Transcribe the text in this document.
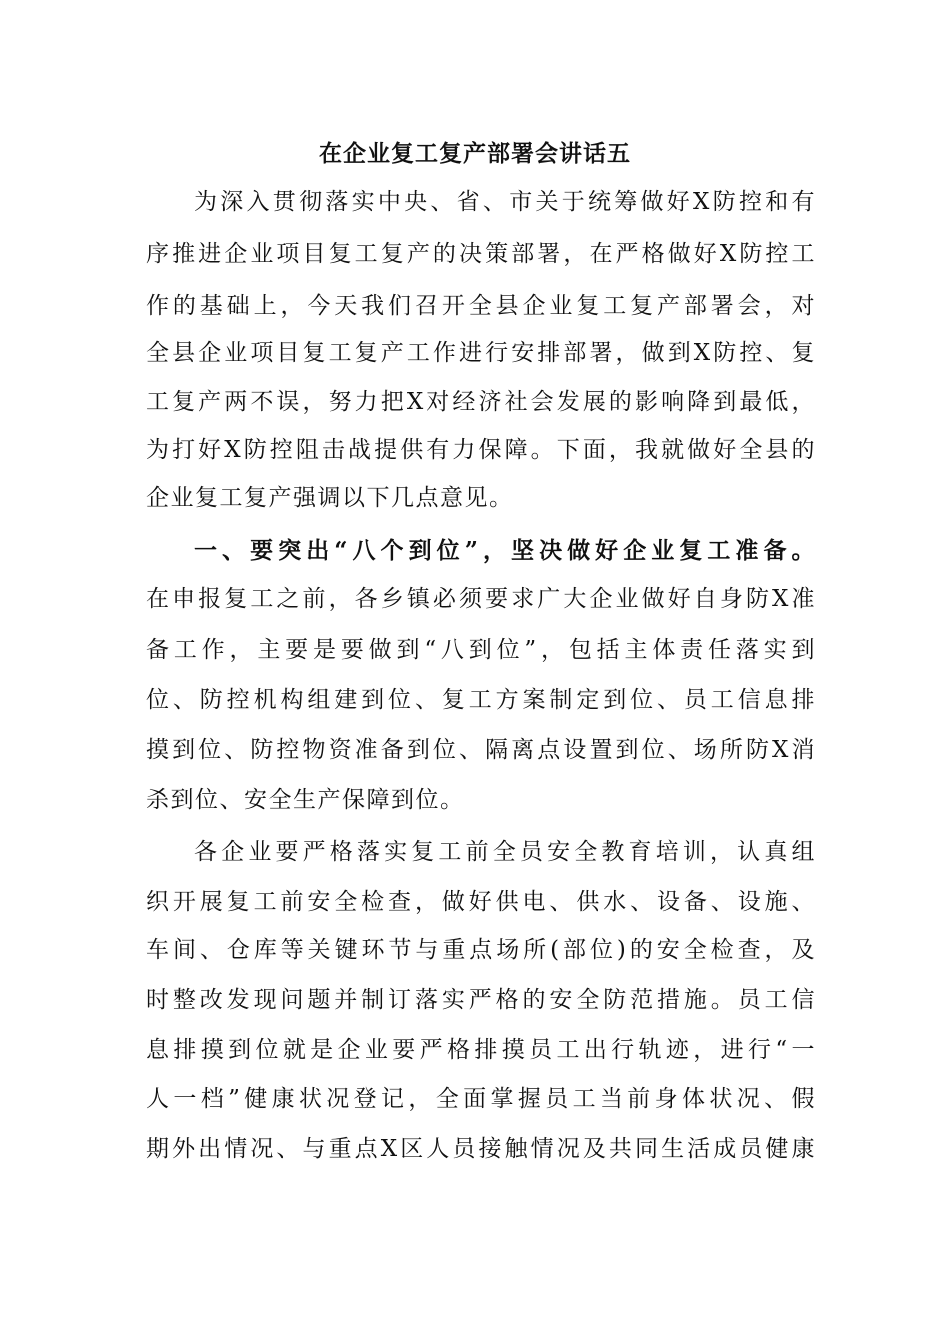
在企业复工复产部署会讲话五
为深入贯彻落实中央、省、市关于统筹做好X防控和有
序推进企业项目复工复产的决策部署，在严格做好X防控工
作的基础上，今天我们召开全县企业复工复产部署会，对
全县企业项目复工复产工作进行安排部署，做到X防控、复
工复产两不误，努力把X对经济社会发展的影响降到最低，
为打好X防控阻击战提供有力保障。下面，我就做好全县的
企业复工复产强调以下几点意见。
一、要突出“八个到位”，坚决做好企业复工准备。
在申报复工之前，各乡镇必须要求广大企业做好自身防X准
备工作，主要是要做到“八到位”，包括主体责任落实到
位、防控机构组建到位、复工方案制定到位、员工信息排
摸到位、防控物资准备到位、隔离点设置到位、场所防X消
杀到位、安全生产保障到位。
各企业要严格落实复工前全员安全教育培训，认真组
织开展复工前安全检查，做好供电、供水、设备、设施、
车间、仓库等关键环节与重点场所(部位)的安全检查，及
时整改发现问题并制订落实严格的安全防范措施。员工信
息排摸到位就是企业要严格排摸员工出行轨迹，进行“一
人一档”健康状况登记，全面掌握员工当前身体状况、假
期外出情况、与重点X区人员接触情况及共同生活成员健康
